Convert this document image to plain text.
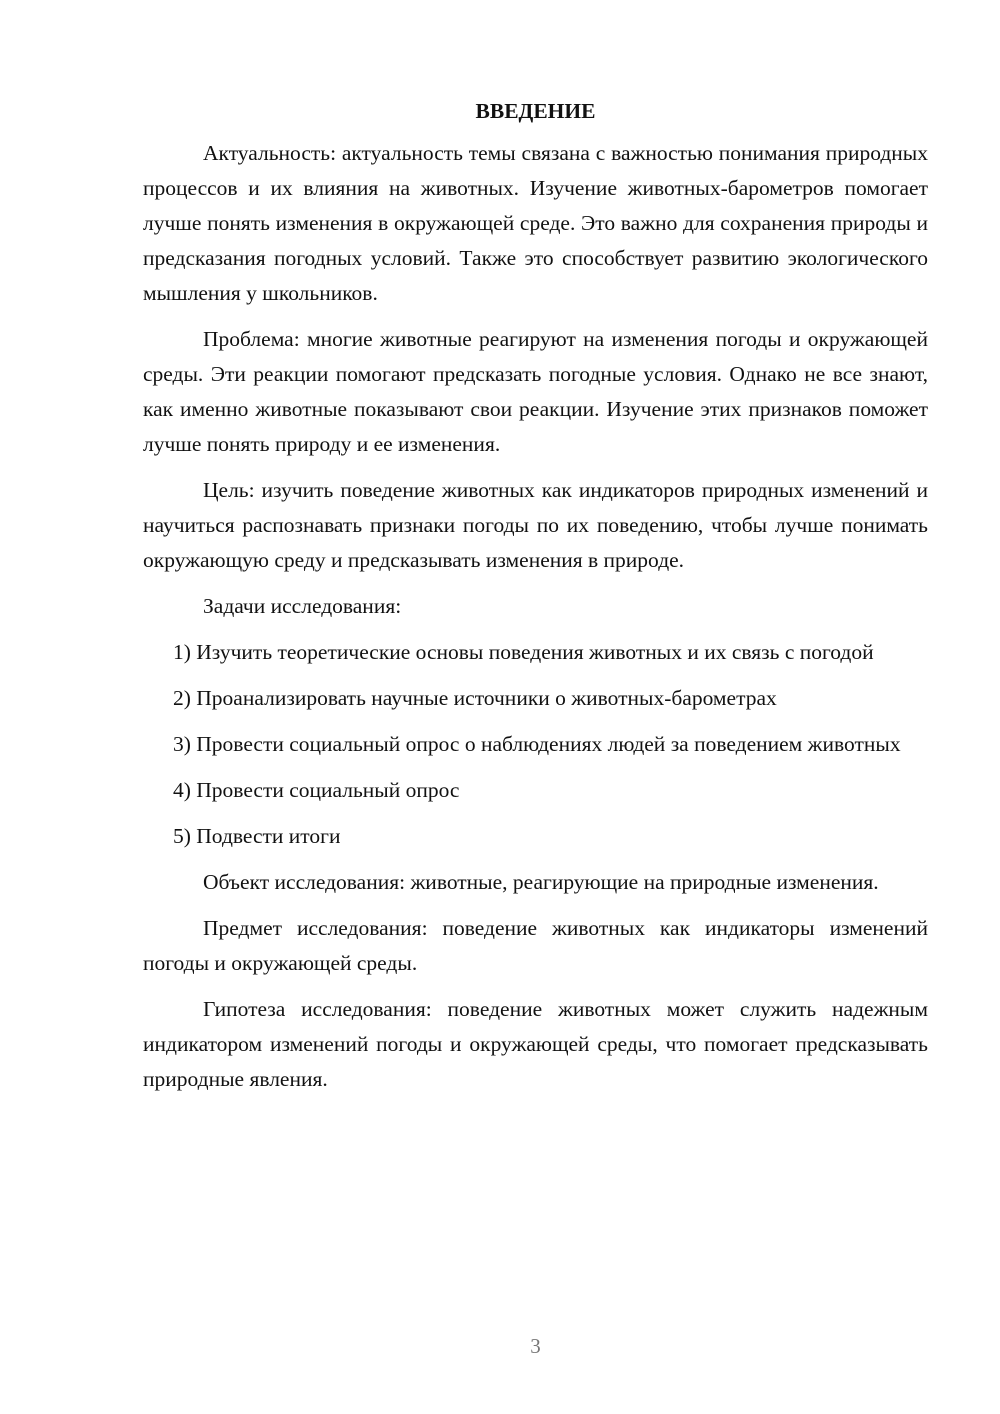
ВВЕДЕНИЕ

Актуальность: актуальность темы связана с важностью понимания природных процессов и их влияния на животных. Изучение животных-барометров помогает лучше понять изменения в окружающей среде. Это важно для сохранения природы и предсказания погодных условий. Также это способствует развитию экологического мышления у школьников.

Проблема: многие животные реагируют на изменения погоды и окружающей среды. Эти реакции помогают предсказать погодные условия. Однако не все знают, как именно животные показывают свои реакции. Изучение этих признаков поможет лучше понять природу и ее изменения.

Цель: изучить поведение животных как индикаторов природных изменений и научиться распознавать признаки погоды по их поведению, чтобы лучше понимать окружающую среду и предсказывать изменения в природе.

Задачи исследования:

1) Изучить теоретические основы поведения животных и их связь с погодой

2) Проанализировать научные источники о животных-барометрах

3) Провести социальный опрос о наблюдениях людей за поведением животных

4) Провести социальный опрос

5) Подвести итоги

Объект исследования: животные, реагирующие на природные изменения.

Предмет исследования: поведение животных как индикаторы изменений погоды и окружающей среды.

Гипотеза исследования: поведение животных может служить надежным индикатором изменений погоды и окружающей среды, что помогает предсказывать природные явления.

3
